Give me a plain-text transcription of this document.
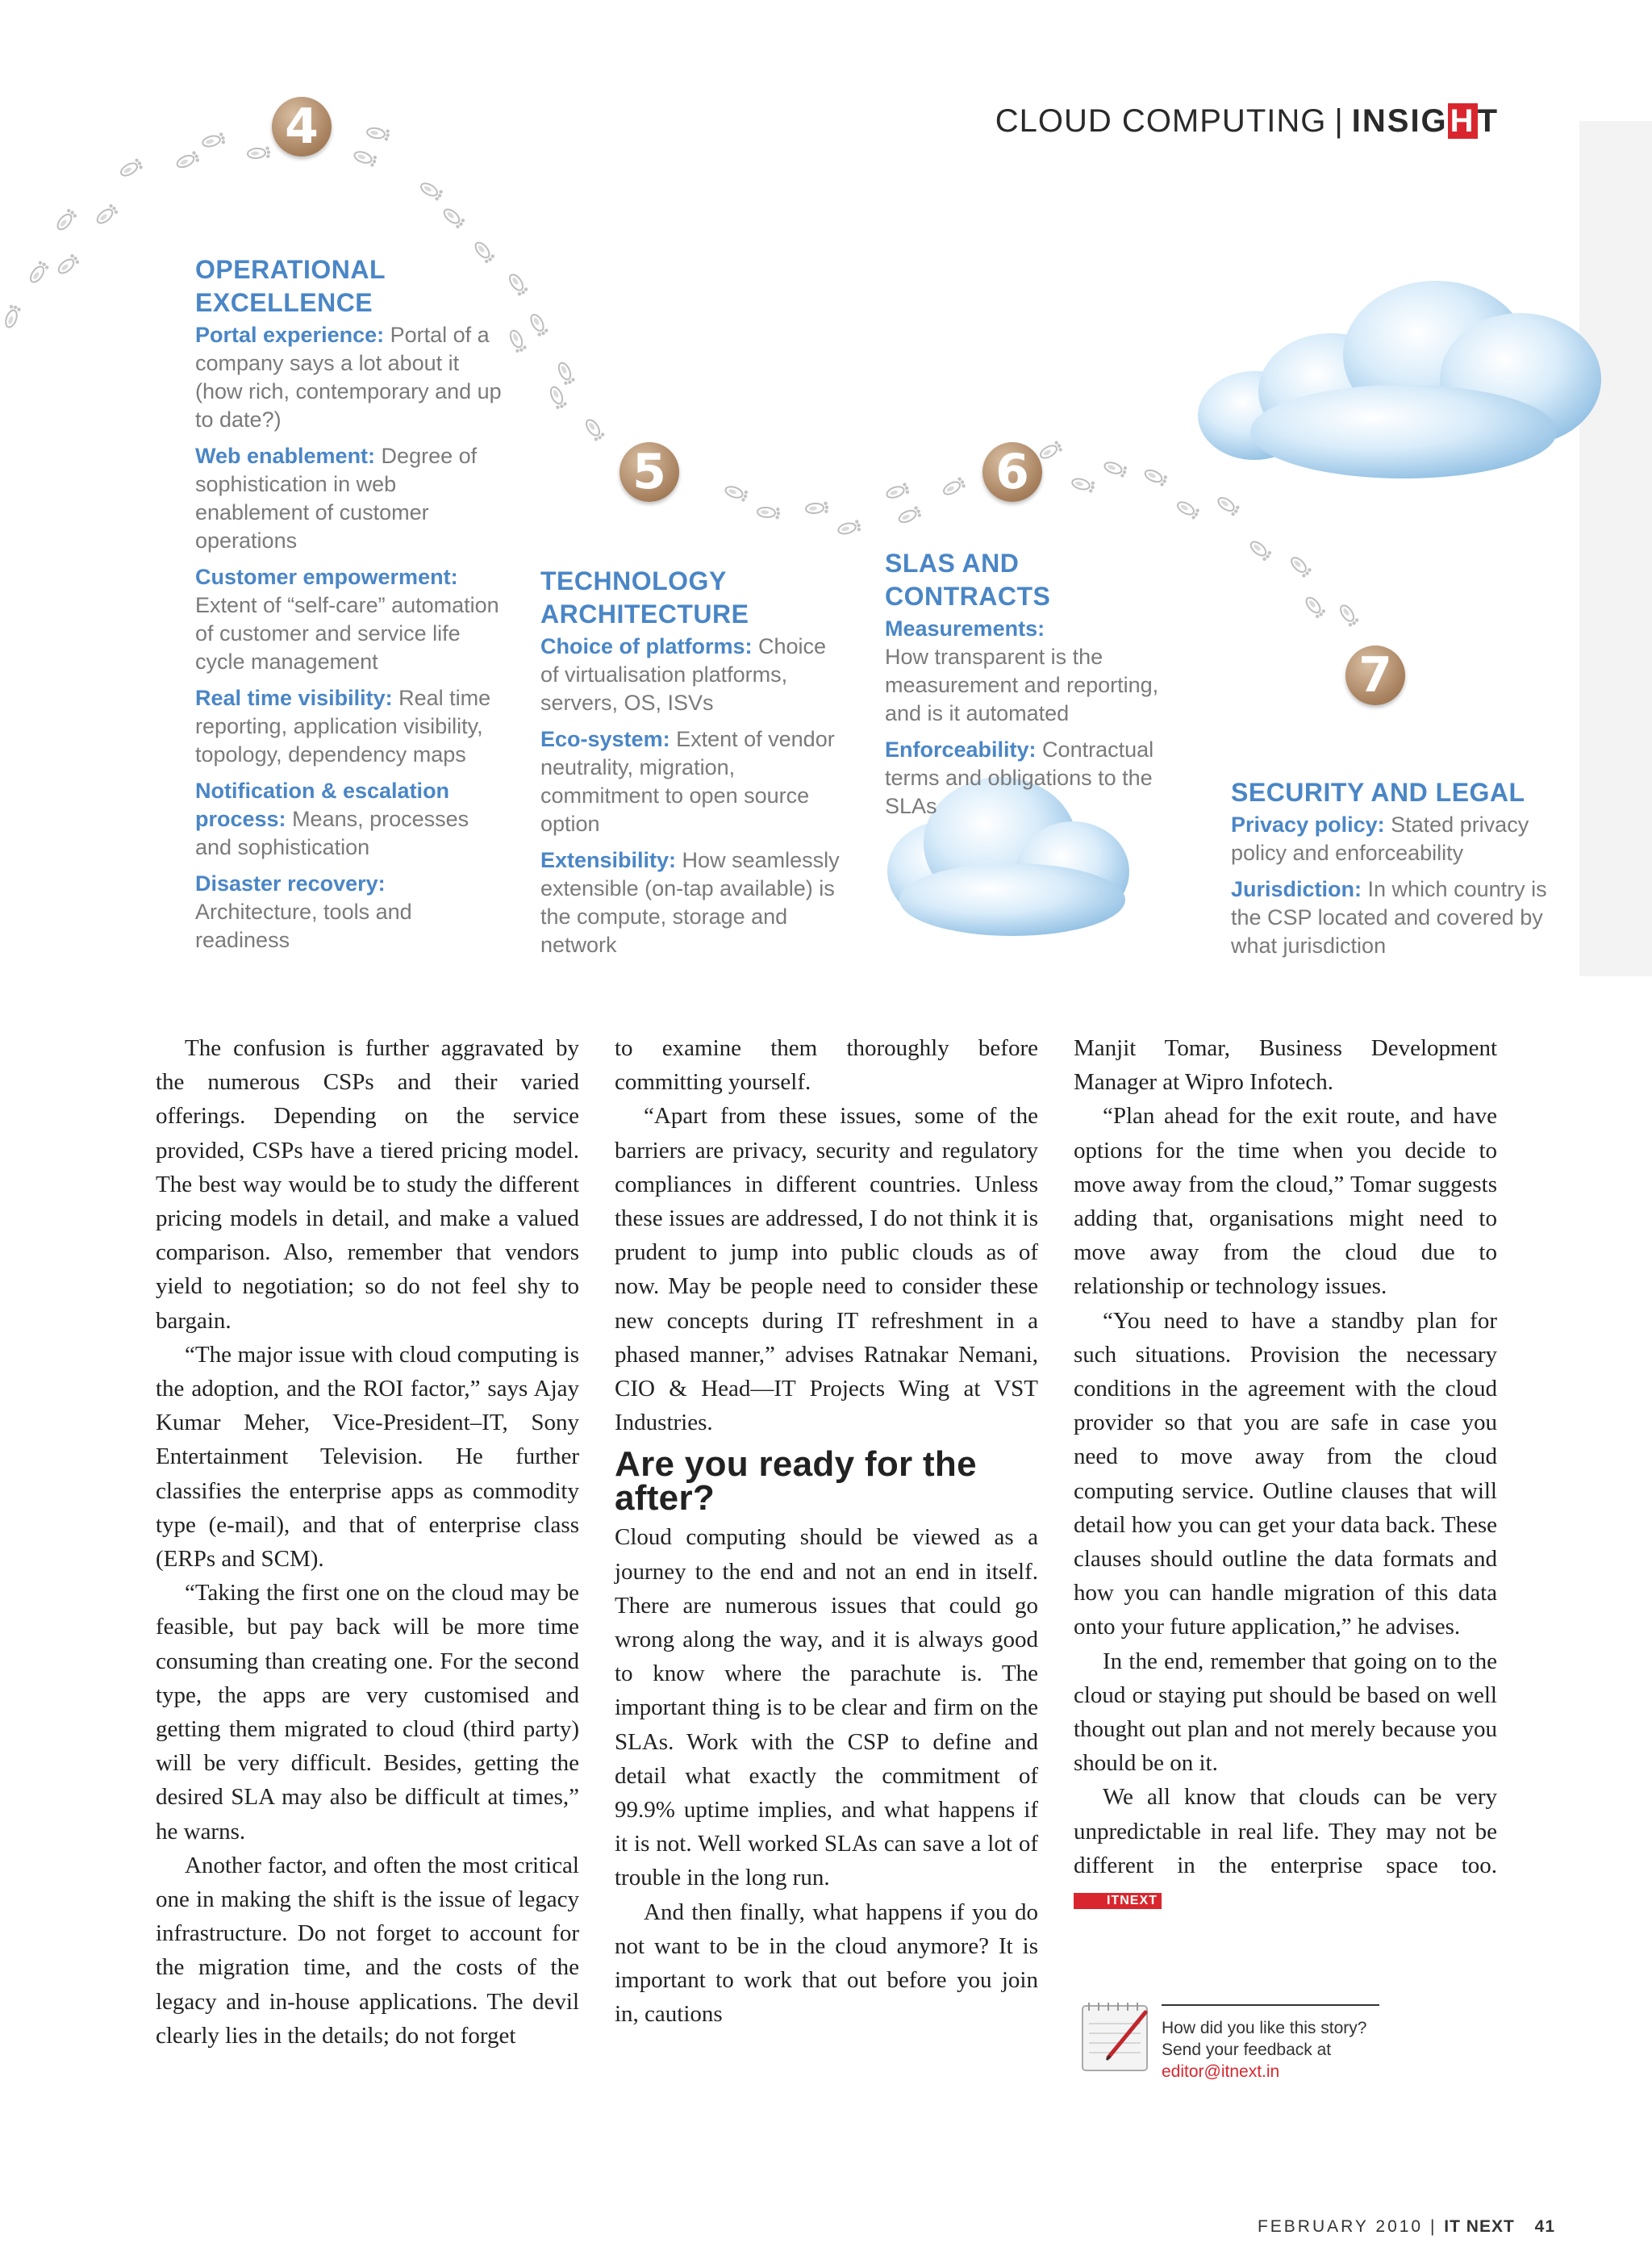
CLOUD COMPUTING | INSIGHT
4
5	6
7
OPERATIONAL
EXCELLENCE

Portal experience: Portal of a company says a lot about it (how rich, contemporary and up to date?)

Web enablement: Degree of sophistication in web enablement of customer operations

Customer empowerment: Extent of “self-care” automation of customer and service life cycle management

Real time visibility: Real time reporting, application visibility, topology, dependency maps

Notification & escalation process: Means, processes and sophistication

Disaster recovery: Architecture, tools and readiness

TECHNOLOGY
ARCHITECTURE

Choice of platforms: Choice of virtualisation platforms, servers, OS, ISVs

Eco-system: Extent of vendor neutrality, migration, commitment to open source option

Extensibility: How seamlessly extensible (on-tap available) is the compute, storage and network

SLAS AND CONTRACTS

Measurements:
How transparent is the measurement and reporting, and is it automated

Enforceability: Contractual terms and obligations to the SLAs	SECURITY AND LEGAL

Privacy policy: Stated privacy policy and enforceability

Jurisdiction: In which country is the CSP located and covered by what jurisdiction

The confusion is further aggravated by the numerous CSPs and their varied offerings. Depending on the service provided, CSPs have a tiered pricing model. The best way would be to study the different pricing models in detail, and make a valued comparison. Also, remember that vendors yield to negotiation; so do not feel shy to bargain.

“The major issue with cloud computing is the adoption, and the ROI factor,” says Ajay Kumar Meher, Vice-President–IT, Sony Entertainment Television. He further classifies the enterprise apps as commodity type (e-mail), and that of enterprise class (ERPs and SCM).

“Taking the first one on the cloud may be feasible, but pay back will be more time consuming than creating one. For the second type, the apps are very customised and getting them migrated to cloud (third party) will be very difficult. Besides, getting the desired SLA may also be difficult at times,” he warns.

Another factor, and often the most critical one in making the shift is the issue of legacy infrastructure. Do not forget to account for the migration time, and the costs of the legacy and in-house applications. The devil clearly lies in the details; do not forget

to examine them thoroughly before committing yourself.

“Apart from these issues, some of the barriers are privacy, security and regulatory compliances in different countries. Unless these issues are addressed, I do not think it is prudent to jump into public clouds as of now. May be people need to consider these new concepts during IT refreshment in a phased manner,” advises Ratnakar Nemani, CIO & Head—IT Projects Wing at VST Industries.

Are you ready for the after?

Cloud computing should be viewed as a journey to the end and not an end in itself. There are numerous issues that could go wrong along the way, and it is always good to know where the parachute is. The important thing is to be clear and firm on the SLAs. Work with the CSP to define and detail what exactly the commitment of 99.9% uptime implies, and what happens if it is not. Well worked SLAs can save a lot of trouble in the long run.

And then finally, what happens if you do not want to be in the cloud anymore? It is important to work that out before you join in, cautions

Manjit Tomar, Business Development Manager at Wipro Infotech.

“Plan ahead for the exit route, and have options for the time when you decide to move away from the cloud,” Tomar suggests adding that, organisations might need to move away from the cloud due to relationship or technology issues.

“You need to have a standby plan for such situations. Provision the necessary conditions in the agreement with the cloud provider so that you are safe in case you need to move away from the cloud computing service. Outline clauses that will detail how you can get your data back. These clauses should outline the data formats and how you can handle migration of this data onto your future application,” he advises.

In the end, remember that going on to the cloud or staying put should be based on well thought out plan and not merely because you should be on it.

We all know that clouds can be very unpredictable in real life. They may not be different in the enterprise space too. ITNEXT

How did you like this story?
Send your feedback at
editor@itnext.in
FEBRUARY 2010 | IT NEXT 41
